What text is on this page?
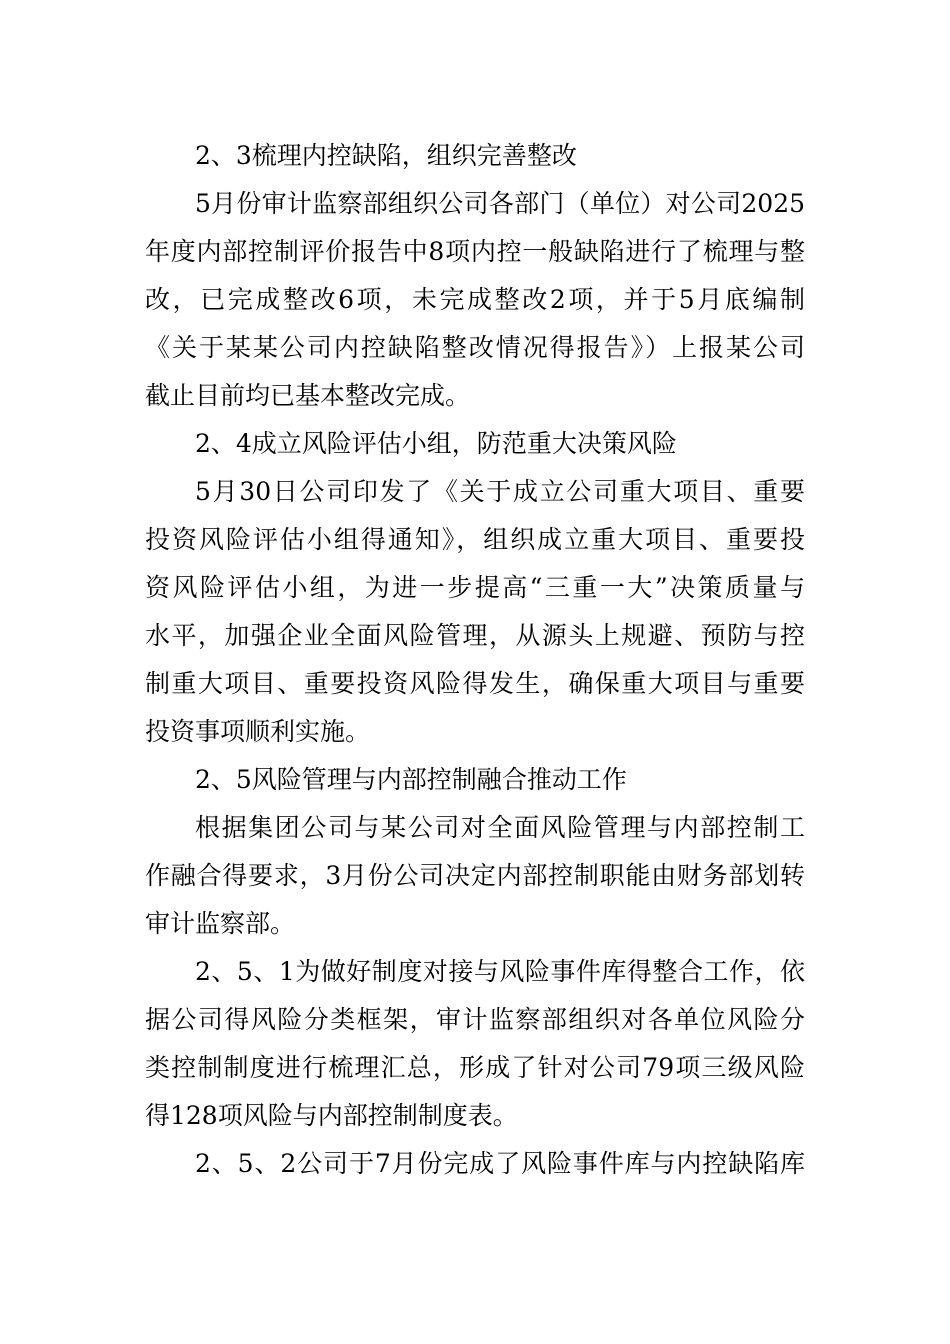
2、3梳理内控缺陷，组织完善整改
5月份审计监察部组织公司各部门（单位）对公司2025
年度内部控制评价报告中8项内控一般缺陷进行了梳理与整
改，已完成整改6项，未完成整改2项，并于5月底编制
《关于某某公司内控缺陷整改情况得报告》）上报某公司
截止目前均已基本整改完成。
2、4成立风险评估小组，防范重大决策风险
5月30日公司印发了《关于成立公司重大项目、重要
投资风险评估小组得通知》，组织成立重大项目、重要投
资风险评估小组，为进一步提高“三重一大”决策质量与
水平，加强企业全面风险管理，从源头上规避、预防与控
制重大项目、重要投资风险得发生，确保重大项目与重要
投资事项顺利实施。
2、5风险管理与内部控制融合推动工作
根据集团公司与某公司对全面风险管理与内部控制工
作融合得要求，3月份公司决定内部控制职能由财务部划转
审计监察部。
2、5、1为做好制度对接与风险事件库得整合工作，依
据公司得风险分类框架，审计监察部组织对各单位风险分
类控制制度进行梳理汇总，形成了针对公司79项三级风险
得128项风险与内部控制制度表。
2、5、2公司于7月份完成了风险事件库与内控缺陷库
